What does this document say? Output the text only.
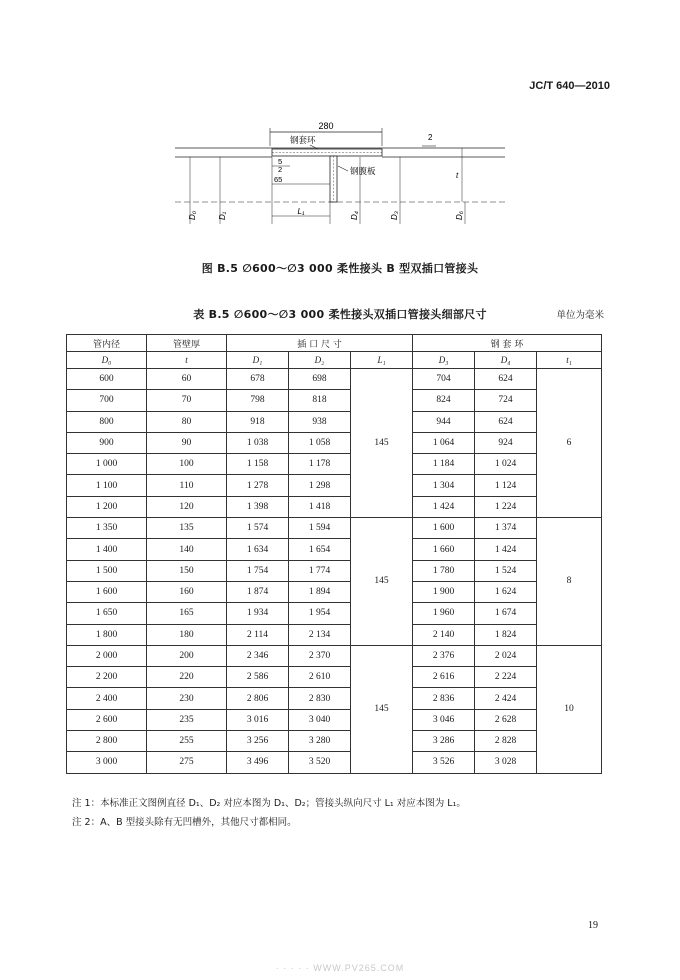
JC/T 640—2010
280
钢套环	2
钢腹板
5
2
65	t
L₁
D₀	D₁	D₄	D₃	D₆
图 B.5 ∅600～∅3 000 柔性接头 B 型双插口管接头
表 B.5 ∅600～∅3 000 柔性接头双插口管接头细部尺寸	单位为毫米
管内径	管壁厚	插 口 尺 寸			钢 套 环		
D₀	t	D₁	D₂	L₁	D₃	D₄	t₁
600	60	678	698	145	704	624	6
700	70	798	818		824	724	
800	80	918	938		944	624	
900	90	1 038	1 058		1 064	924	
1 000	100	1 158	1 178		1 184	1 024	
1 100	110	1 278	1 298		1 304	1 124	
1 200	120	1 398	1 418		1 424	1 224	
1 350	135	1 574	1 594	145	1 600	1 374	8
1 400	140	1 634	1 654		1 660	1 424	
1 500	150	1 754	1 774		1 780	1 524	
1 600	160	1 874	1 894		1 900	1 624	
1 650	165	1 934	1 954		1 960	1 674	
1 800	180	2 114	2 134		2 140	1 824	
2 000	200	2 346	2 370	145	2 376	2 024	10
2 200	220	2 586	2 610		2 616	2 224	
2 400	230	2 806	2 830		2 836	2 424	
2 600	235	3 016	3 040		3 046	2 628	
2 800	255	3 256	3 280		3 286	2 828	
3 000	275	3 496	3 520		3 526	3 028	
注 1：本标准正文图例直径 D₁、D₂ 对应本图为 D₁、D₂；管接头纵向尺寸 L₁ 对应本图为 L₁。
注 2：A、B 型接头除有无凹槽外，其他尺寸都相同。
19
· · · · · WWW.PV265.COM
